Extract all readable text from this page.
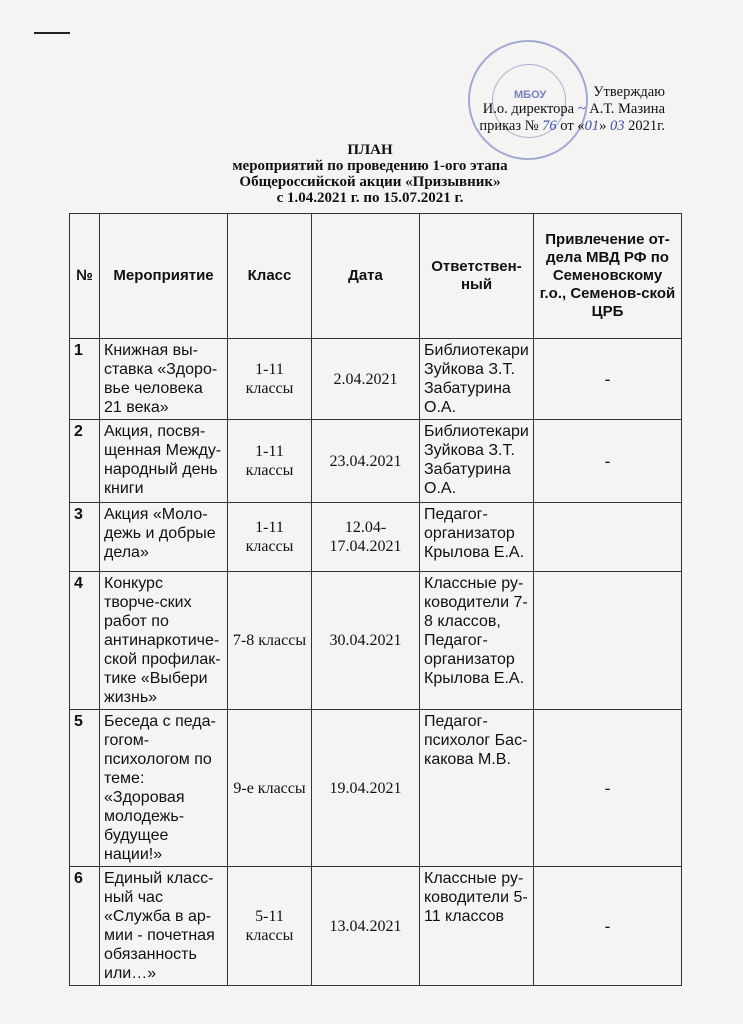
МБОУ	Утверждаю
И.о. директора ~ А.Т. Мазина
приказ № 76 от «01» 03 2021г.
ПЛАН
мероприятий по проведению 1-ого этапа
Общероссийской акции «Призывник»
с 1.04.2021 г. по 15.07.2021 г.
№	Мероприятие	Класс	Дата	Ответствен-ный	Привлечение от-дела МВД РФ по Семеновскому г.о., Семенов-ской ЦРБ
1	Книжная вы-ставка «Здоро-вье человека 21 века»	1-11 классы	2.04.2021	Библиотекари Зуйкова З.Т. Забатурина О.А.	-
2	Акция, посвя-щенная Между-народный день книги	1-11 классы	23.04.2021	Библиотекари Зуйкова З.Т. Забатурина О.А.	-
3	Акция «Моло-дежь и добрые дела»	1-11 классы	12.04-17.04.2021	Педагог-организатор Крылова Е.А.	
4	Конкурс творче-ских работ по антинаркотиче-ской профилак-тике «Выбери жизнь»	7-8 классы	30.04.2021	Классные ру-ководители 7-8 классов, Педагог-организатор Крылова Е.А.	
5	Беседа с педа-гогом-психологом по теме: «Здоровая молодежь-будущее нации!»	9-е классы	19.04.2021	Педагог-психолог Бас-какова М.В.	-
6	Единый класс-ный час «Служба в ар-мии - почетная обязанность или…»	5-11 классы	13.04.2021	Классные ру-ководители 5-11 классов	-
